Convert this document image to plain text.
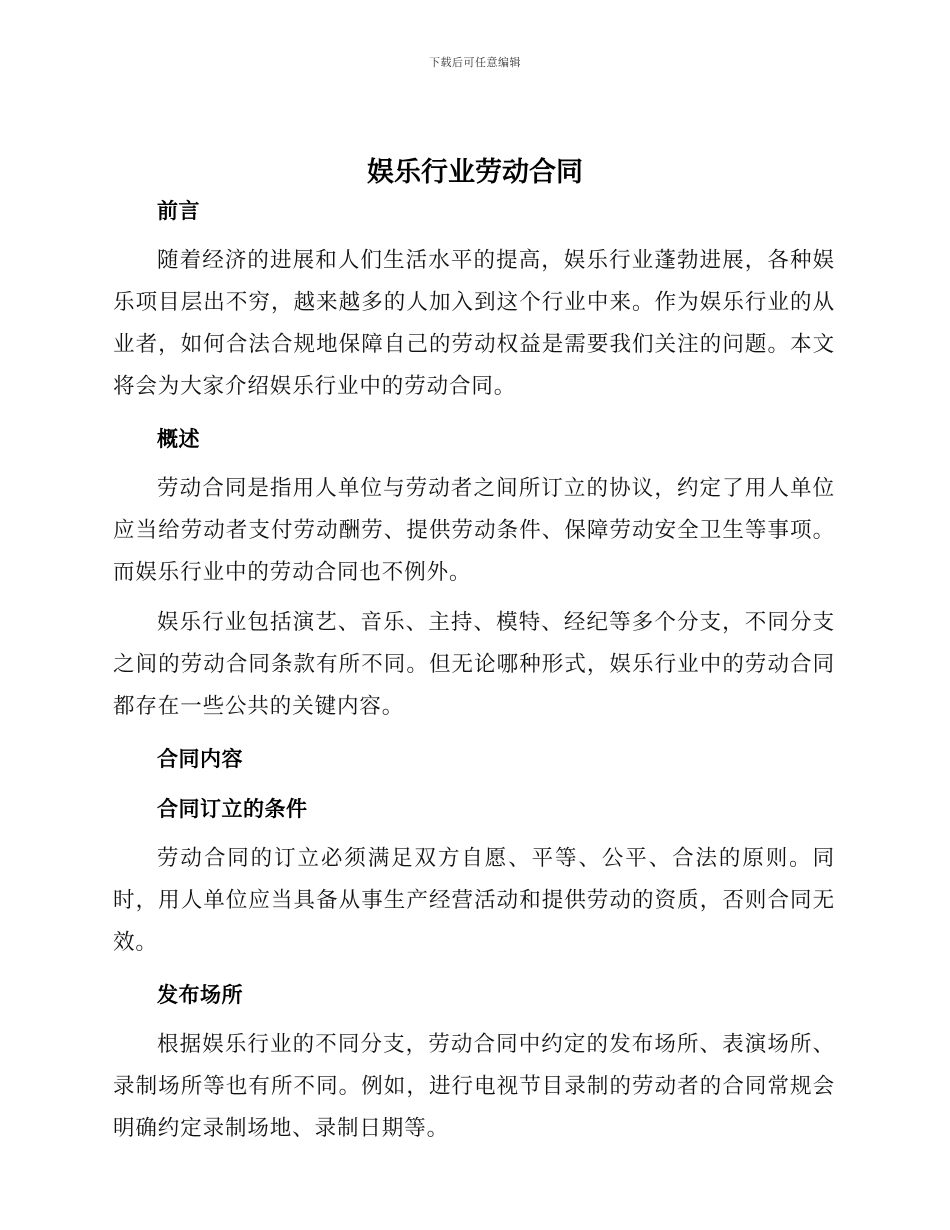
下载后可任意编辑
娱乐行业劳动合同
前言

随着经济的进展和人们生活水平的提高，娱乐行业蓬勃进展，各种娱乐项目层出不穷，越来越多的人加入到这个行业中来。作为娱乐行业的从业者，如何合法合规地保障自己的劳动权益是需要我们关注的问题。本文将会为大家介绍娱乐行业中的劳动合同。

概述

劳动合同是指用人单位与劳动者之间所订立的协议，约定了用人单位应当给劳动者支付劳动酬劳、提供劳动条件、保障劳动安全卫生等事项。而娱乐行业中的劳动合同也不例外。

娱乐行业包括演艺、音乐、主持、模特、经纪等多个分支，不同分支之间的劳动合同条款有所不同。但无论哪种形式，娱乐行业中的劳动合同都存在一些公共的关键内容。

合同内容
合同订立的条件

劳动合同的订立必须满足双方自愿、平等、公平、合法的原则。同时，用人单位应当具备从事生产经营活动和提供劳动的资质，否则合同无效。

发布场所

根据娱乐行业的不同分支，劳动合同中约定的发布场所、表演场所、录制场所等也有所不同。例如，进行电视节目录制的劳动者的合同常规会明确约定录制场地、录制日期等。
